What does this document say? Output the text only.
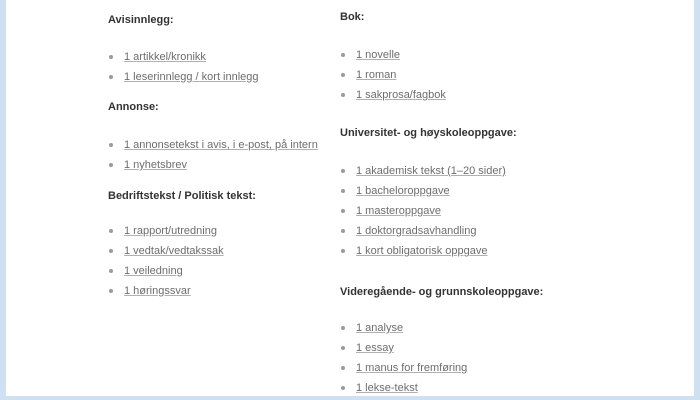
Avisinnlegg:
1 artikkel/kronikk
1 leserinnlegg / kort innlegg
Annonse:
1 annonsetekst i avis, i e-post, på intern
1 nyhetsbrev
Bedriftstekst / Politisk tekst:
1 rapport/utredning
1 vedtak/vedtakssak
1 veiledning
1 høringssvar
Bok:
1 novelle
1 roman
1 sakprosa/fagbok
Universitet- og høyskoleoppgave:
1 akademisk tekst (1–20 sider)
1 bacheloroppgave
1 masteroppgave
1 doktorgradsavhandling
1 kort obligatorisk oppgave
Videregående- og grunnskoleoppgave:
1 analyse
1 essay
1 manus for fremføring
1 lekse-tekst
